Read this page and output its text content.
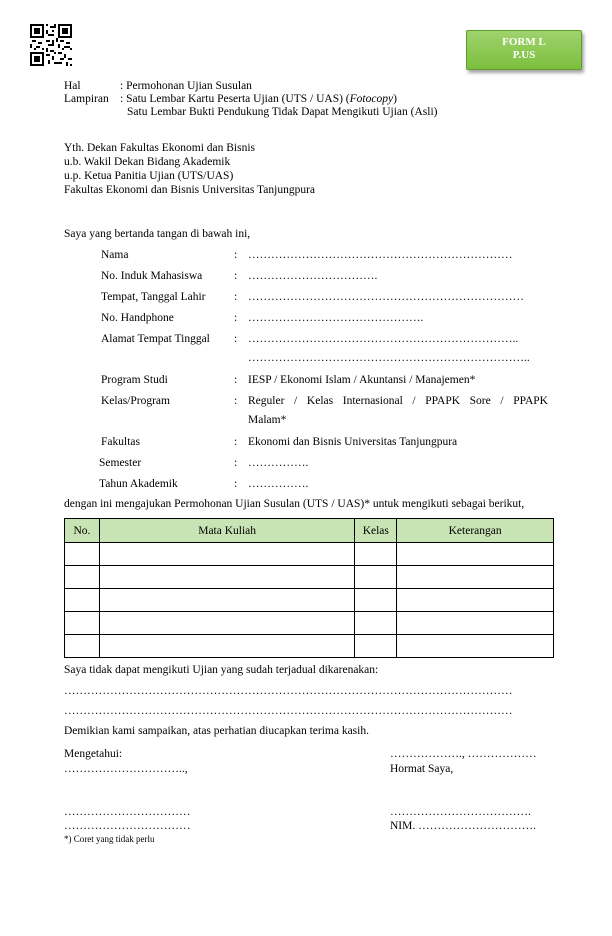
FORM L
P.US
Hal	: Permohonan Ujian Susulan
Lampiran : Satu Lembar Kartu Peserta Ujian (UTS / UAS) (Fotocopy)
Satu Lembar Bukti Pendukung Tidak Dapat Mengikuti Ujian (Asli)
Yth. Dekan Fakultas Ekonomi dan Bisnis
u.b. Wakil Dekan Bidang Akademik
u.p. Ketua Panitia Ujian (UTS/UAS)
Fakultas Ekonomi dan Bisnis Universitas Tanjungpura
Saya yang bertanda tangan di bawah ini,
Nama	: ……………………………………………………………
No. Induk Mahasiswa	: …………………………….
Tempat, Tanggal Lahir : ………………………………………………………………
No. Handphone	: ……………………………………….
Alamat Tempat Tinggal : ……………………………………………………………..
………………………………………………………………..
Program Studi	: IESP / Ekonomi Islam / Akuntansi / Manajemen*
Kelas/Program	: Reguler / Kelas Internasional / PPAPK Sore / PPAPK
Malam*
Fakultas	: Ekonomi dan Bisnis Universitas Tanjungpura
Semester	: …………….
Tahun Akademik	: …………….
dengan ini mengajukan Permohonan Ujian Susulan (UTS / UAS)* untuk mengikuti sebagai berikut,
No.	Mata Kuliah	Kelas	Keterangan

Saya tidak dapat mengikuti Ujian yang sudah terjadual dikarenakan:
………………………………………………………………………………………………………
………………………………………………………………………………………………………
Demikian kami sampaikan, atas perhatian diucapkan terima kasih.
Mengetahui:
…………………………..,
………………., ………………
Hormat Saya,
……………………………
……………………………
……………………………….
NIM. ………………………….
*) Coret yang tidak perlu
